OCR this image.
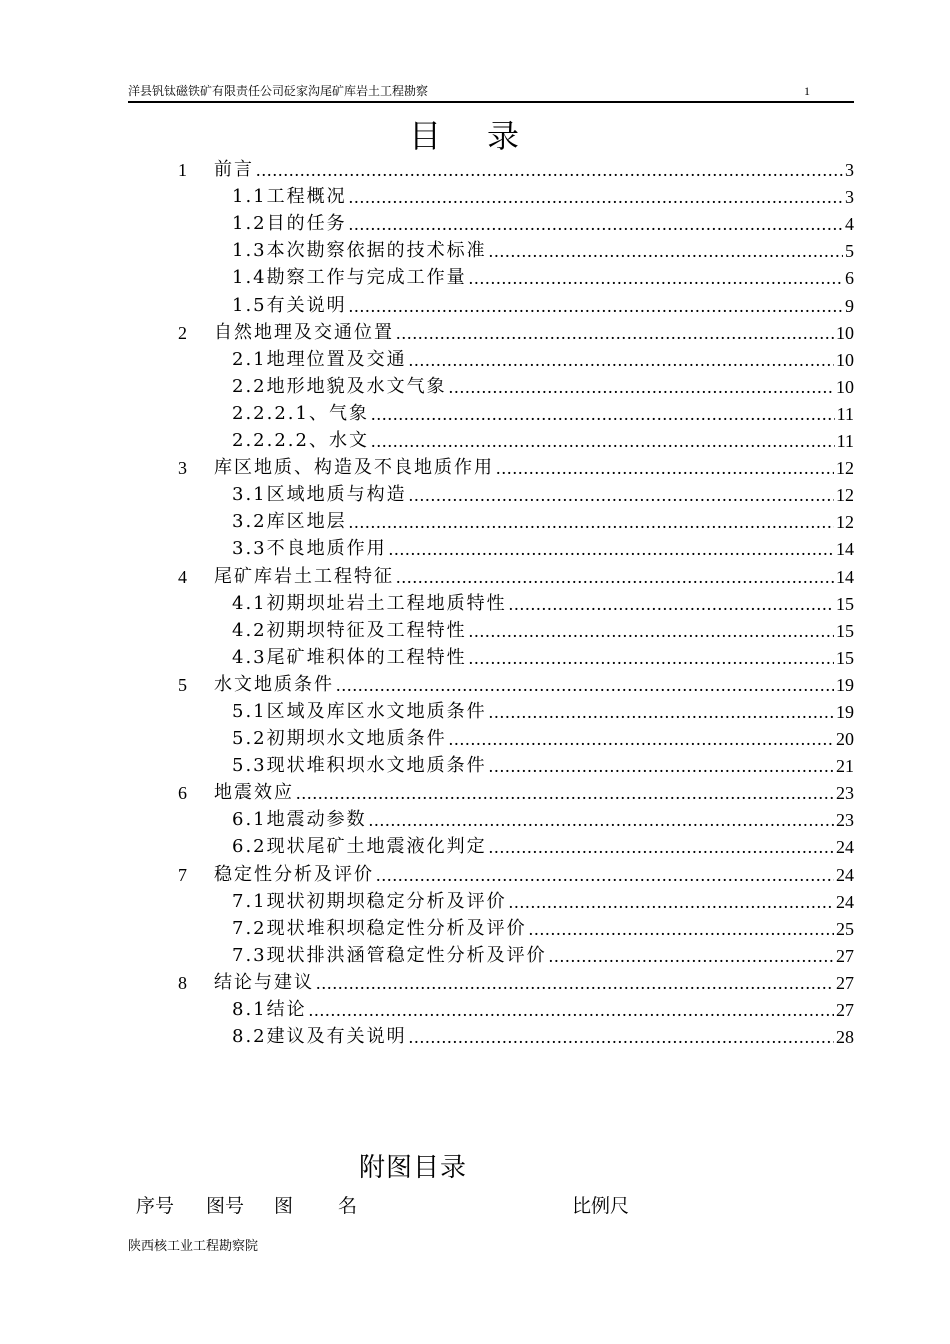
洋县钒钛磁铁矿有限责任公司砭家沟尾矿库岩土工程勘察	1
目录
1	前言 .....	3
1.1工程概况 .....	3
1.2目的任务 .....	4
1.3本次勘察依据的技术标准 .....	5
1.4勘察工作与完成工作量 .....	6
1.5有关说明 .....	9
2	自然地理及交通位置 .....	10
2.1地理位置及交通 .....	10
2.2地形地貌及水文气象 .....	10
2.2.2.1、气象 .....	11
2.2.2.2、水文 .....	11
3	库区地质、构造及不良地质作用 .....	12
3.1区域地质与构造 .....	12
3.2库区地层 .....	12
3.3不良地质作用 .....	14
4	尾矿库岩土工程特征 .....	14
4.1初期坝址岩土工程地质特性 .....	15
4.2初期坝特征及工程特性 .....	15
4.3尾矿堆积体的工程特性 .....	15
5	水文地质条件 .....	19
5.1区域及库区水文地质条件 .....	19
5.2初期坝水文地质条件 .....	20
5.3现状堆积坝水文地质条件 .....	21
6	地震效应 .....	23
6.1地震动参数 .....	23
6.2现状尾矿土地震液化判定 .....	24
7	稳定性分析及评价 .....	24
7.1现状初期坝稳定分析及评价 .....	24
7.2现状堆积坝稳定性分析及评价 .....	25
7.3现状排洪涵管稳定性分析及评价 .....	27
8	结论与建议 .....	27
8.1结论 .....	27
8.2建议及有关说明 .....	28
附图目录
序号 图号 图 名	比例尺
陕西核工业工程勘察院
